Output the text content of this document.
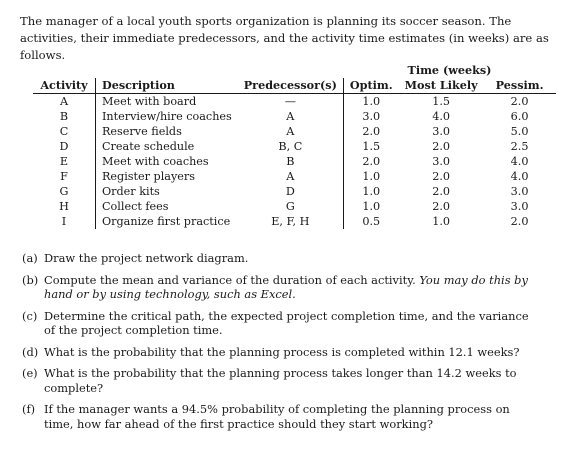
The manager of a local youth sports organization is planning its soccer season. The activities, their immediate predecessors, and the activity time estimates (in weeks) are as follows.

			Time (weeks)		
Activity	Description	Predecessor(s)	Optim.	Most Likely	Pessim.
A	Meet with board	—	1.0	1.5	2.0
B	Interview/hire coaches	A	3.0	4.0	6.0
C	Reserve fields	A	2.0	3.0	5.0
D	Create schedule	B, C	1.5	2.0	2.5
E	Meet with coaches	B	2.0	3.0	4.0
F	Register players	A	1.0	2.0	4.0
G	Order kits	D	1.0	2.0	3.0
H	Collect fees	G	1.0	2.0	3.0
I	Organize first practice	E, F, H	0.5	1.0	2.0
(a) Draw the project network diagram.
(b) Compute the mean and variance of the duration of each activity. You may do this by hand or by using technology, such as Excel.
(c) Determine the critical path, the expected project completion time, and the variance of the project completion time.
(d) What is the probability that the planning process is completed within 12.1 weeks?
(e) What is the probability that the planning process takes longer than 14.2 weeks to complete?
(f) If the manager wants a 94.5% probability of completing the planning process on time, how far ahead of the first practice should they start working?
